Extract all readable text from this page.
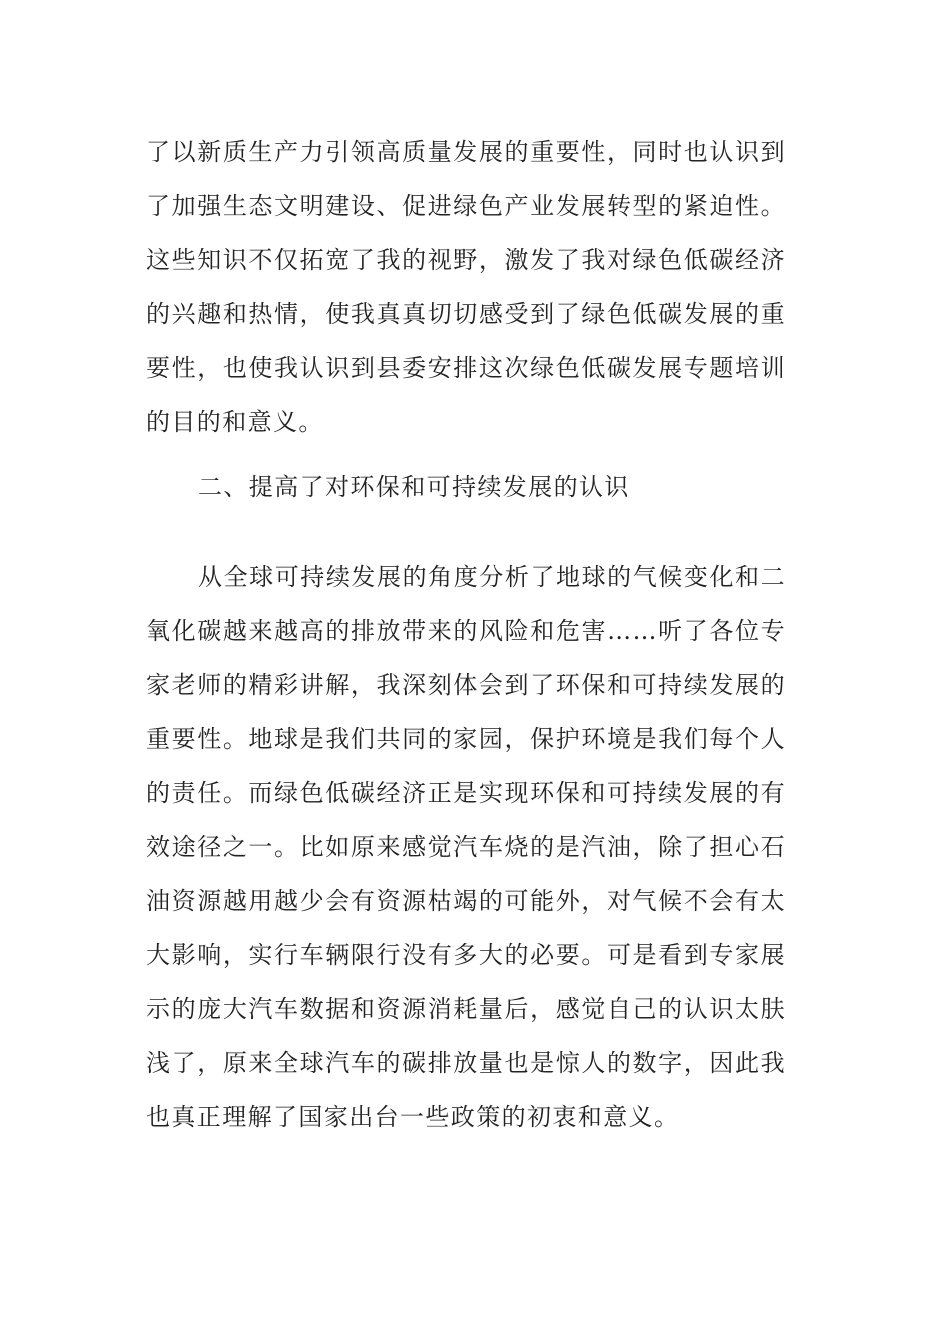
了以新质生产力引领高质量发展的重要性，同时也认识到了加强生态文明建设、促进绿色产业发展转型的紧迫性。这些知识不仅拓宽了我的视野，激发了我对绿色低碳经济的兴趣和热情，使我真真切切感受到了绿色低碳发展的重要性，也使我认识到县委安排这次绿色低碳发展专题培训的目的和意义。

二、提高了对环保和可持续发展的认识

从全球可持续发展的角度分析了地球的气候变化和二氧化碳越来越高的排放带来的风险和危害……听了各位专家老师的精彩讲解，我深刻体会到了环保和可持续发展的重要性。地球是我们共同的家园，保护环境是我们每个人的责任。而绿色低碳经济正是实现环保和可持续发展的有效途径之一。比如原来感觉汽车烧的是汽油，除了担心石油资源越用越少会有资源枯竭的可能外，对气候不会有太大影响，实行车辆限行没有多大的必要。可是看到专家展示的庞大汽车数据和资源消耗量后，感觉自己的认识太肤浅了，原来全球汽车的碳排放量也是惊人的数字，因此我也真正理解了国家出台一些政策的初衷和意义。
